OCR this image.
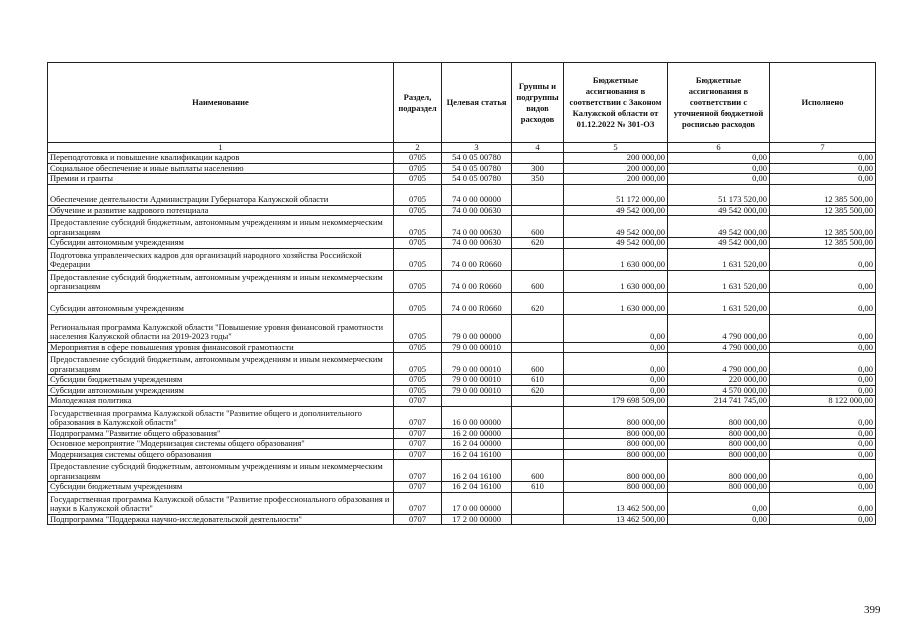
Наименование	Раздел, подраздел	Целевая статья	Группы и подгруппы видов расходов	Бюджетные ассигнования в соответствии с Законом Калужской области от 01.12.2022 № 301-ОЗ	Бюджетные ассигнования в соответствии с уточненной бюджетной росписью расходов	Исполнено
1	2	3	4	5	6	7
Переподготовка и повышение квалификации кадров	0705	54 0 05 00780		200 000,00	0,00	0,00
Социальное обеспечение и иные выплаты населению	0705	54 0 05 00780	300	200 000,00	0,00	0,00
Премии и гранты	0705	54 0 05 00780	350	200 000,00	0,00	0,00
Обеспечение деятельности Администрации Губернатора Калужской области	0705	74 0 00 00000		51 172 000,00	51 173 520,00	12 385 500,00
Обучение и развитие кадрового потенциала	0705	74 0 00 00630		49 542 000,00	49 542 000,00	12 385 500,00
Предоставление субсидий бюджетным, автономным учреждениям и иным некоммерческим организациям	0705	74 0 00 00630	600	49 542 000,00	49 542 000,00	12 385 500,00
Субсидии автономным учреждениям	0705	74 0 00 00630	620	49 542 000,00	49 542 000,00	12 385 500,00
Подготовка управленческих кадров для организаций народного хозяйства Российской Федерации	0705	74 0 00 R0660		1 630 000,00	1 631 520,00	0,00
Предоставление субсидий бюджетным, автономным учреждениям и иным некоммерческим организациям	0705	74 0 00 R0660	600	1 630 000,00	1 631 520,00	0,00
Субсидии автономным учреждениям	0705	74 0 00 R0660	620	1 630 000,00	1 631 520,00	0,00
Региональная программа Калужской области "Повышение уровня финансовой грамотности населения Калужской области на 2019-2023 годы"	0705	79 0 00 00000		0,00	4 790 000,00	0,00
Мероприятия в сфере повышения уровня финансовой грамотности	0705	79 0 00 00010		0,00	4 790 000,00	0,00
Предоставление субсидий бюджетным, автономным учреждениям и иным некоммерческим организациям	0705	79 0 00 00010	600	0,00	4 790 000,00	0,00
Субсидии бюджетным учреждениям	0705	79 0 00 00010	610	0,00	220 000,00	0,00
Субсидии автономным учреждениям	0705	79 0 00 00010	620	0,00	4 570 000,00	0,00
Молодежная политика	0707			179 698 509,00	214 741 745,00	8 122 000,00
Государственная программа Калужской области "Развитие общего и дополнительного образования в Калужской области"	0707	16 0 00 00000		800 000,00	800 000,00	0,00
Подпрограмма "Развитие общего образования"	0707	16 2 00 00000		800 000,00	800 000,00	0,00
Основное мероприятие "Модернизация системы общего образования"	0707	16 2 04 00000		800 000,00	800 000,00	0,00
Модернизация системы общего образования	0707	16 2 04 16100		800 000,00	800 000,00	0,00
Предоставление субсидий бюджетным, автономным учреждениям и иным некоммерческим организациям	0707	16 2 04 16100	600	800 000,00	800 000,00	0,00
Субсидии бюджетным учреждениям	0707	16 2 04 16100	610	800 000,00	800 000,00	0,00
Государственная программа Калужской области "Развитие профессионального образования и науки в Калужской области"	0707	17 0 00 00000		13 462 500,00	0,00	0,00
Подпрограмма "Поддержка научно-исследовательской деятельности"	0707	17 2 00 00000		13 462 500,00	0,00	0,00
399
